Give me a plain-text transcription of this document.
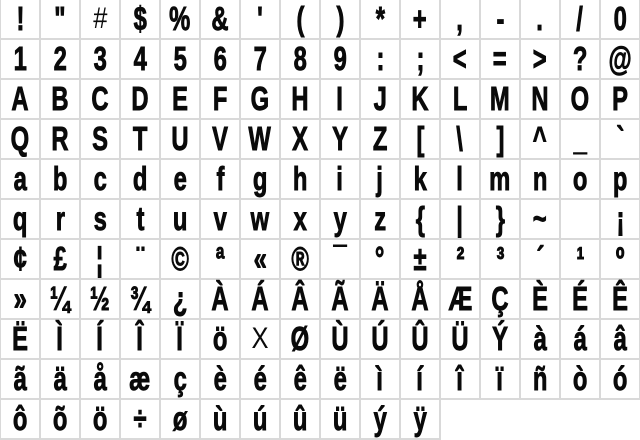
! " # $ % & '	( ) * + , - .	/ 0
1 2 3 4 5 6 7 8 9 : ; < = > ? @
A B C D E F G H I J K L M N O P
Q R S T U V W X Y Z [ \ ] ^ _ `
a b c d e f g h i	j k l m n o p
q r s t u v w x y z { | } ~	¡
¢ £ ¦ ¨ © ª « ® ¯ ° ± ² ³ ´ ¹ º
» ¼ ½ ¾ ¿ À Á Â Ã Ä Å Æ Ç È É Ê
Ë Ì	Í	Î	Ï ö X Ø Ù Ú Û Ü Ý à á â
ã ä å æ ç è é ê ë ì	í	î	ï ñ ò ó
ô õ ö ÷ ø ù ú û ü ý ÿ
